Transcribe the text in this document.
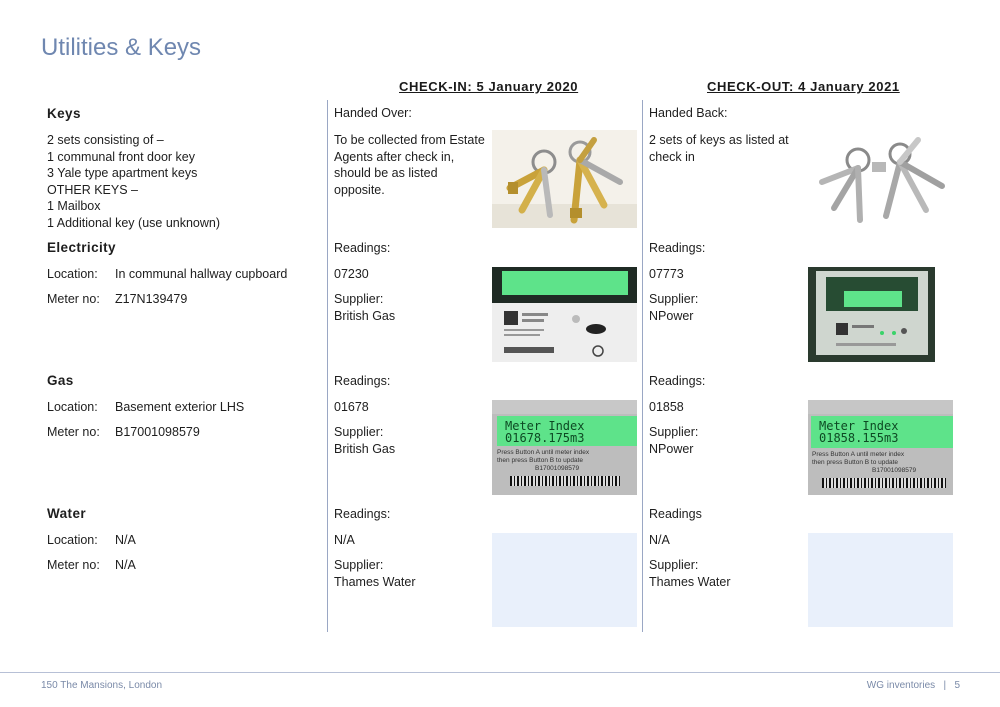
Utilities & Keys
CHECK-IN: 5 January 2020	CHECK-OUT: 4 January 2021
Keys
2 sets consisting of –
1 communal front door key
3 Yale type apartment keys
OTHER KEYS –
1 Mailbox
1 Additional key (use unknown)
Handed Over:
To be collected from Estate
Agents after check in,
should be as listed
opposite.
Handed Back:
2 sets of keys as listed at
check in
Electricity
Location: In communal hallway cupboard
Meter no: Z17N139479
Readings:
07230
Supplier:
British Gas
Readings:
07773
Supplier:
NPower
Gas
Location: Basement exterior LHS
Meter no: B17001098579
Readings:
01678
Supplier:
British Gas
Readings:
01858
Supplier:
NPower
Meter Index
01678.175m3
Press Button A until meter index
then press Button B to update
B17001098579
Meter Index
01858.155m3
Press Button A until meter index
then press Button B to update
B17001098579
Water
Location: N/A
Meter no: N/A
Readings:
N/A
Supplier:
Thames Water
Readings
N/A
Supplier:
Thames Water
150 The Mansions, London	WG inventories   |   5
